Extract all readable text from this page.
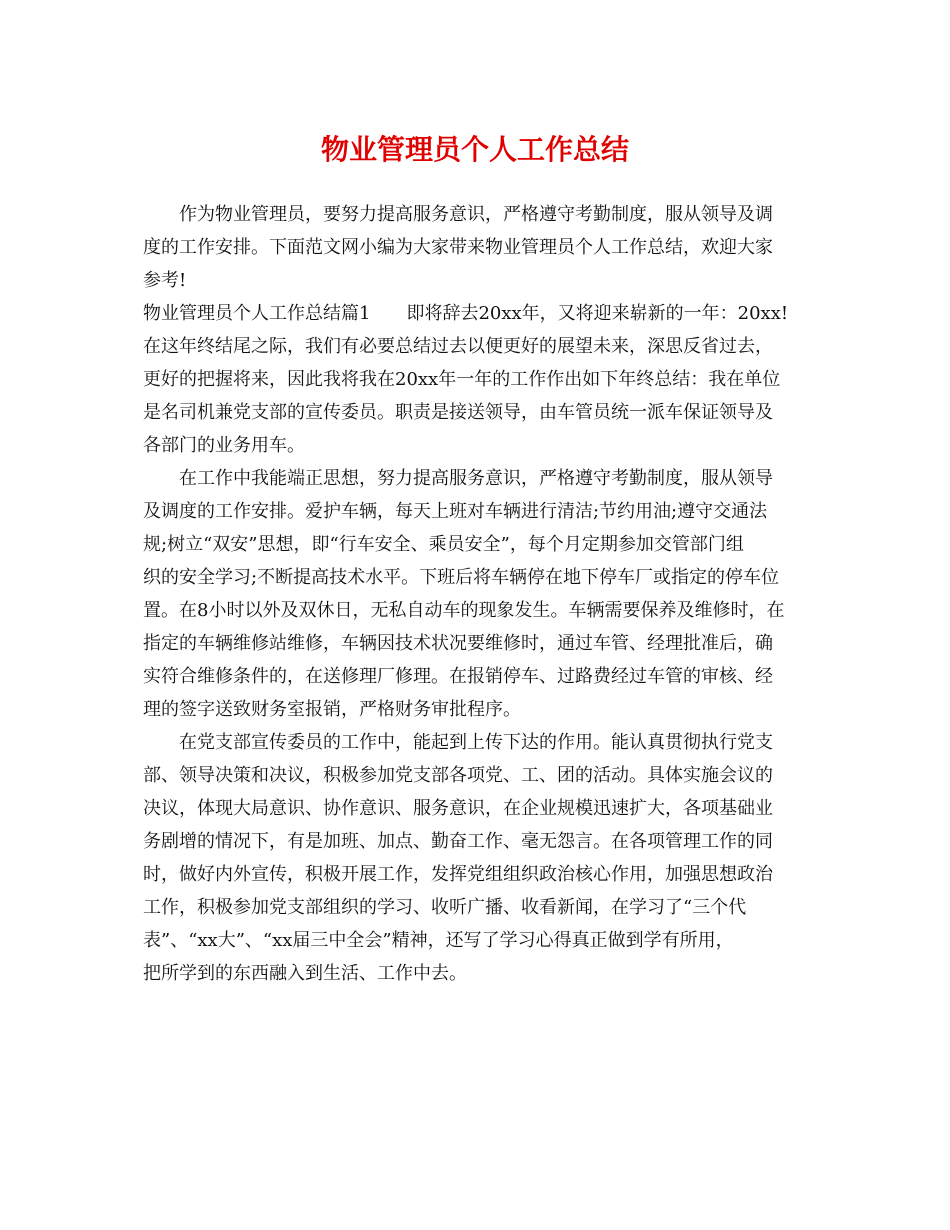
物业管理员个人工作总结
作为物业管理员，要努力提高服务意识，严格遵守考勤制度，服从领导及调
度的工作安排。下面范文网小编为大家带来物业管理员个人工作总结，欢迎大家
参考!
物业管理员个人工作总结篇1　　即将辞去20xx年，又将迎来崭新的一年：20xx!
在这年终结尾之际，我们有必要总结过去以便更好的展望未来，深思反省过去，
更好的把握将来，因此我将我在20xx年一年的工作作出如下年终总结：我在单位
是名司机兼党支部的宣传委员。职责是接送领导，由车管员统一派车保证领导及
各部门的业务用车。
在工作中我能端正思想，努力提高服务意识，严格遵守考勤制度，服从领导
及调度的工作安排。爱护车辆，每天上班对车辆进行清洁;节约用油;遵守交通法
规;树立“双安”思想，即“行车安全、乘员安全”，每个月定期参加交管部门组
织的安全学习;不断提高技术水平。下班后将车辆停在地下停车厂或指定的停车位
置。在8小时以外及双休日，无私自动车的现象发生。车辆需要保养及维修时，在
指定的车辆维修站维修，车辆因技术状况要维修时，通过车管、经理批准后，确
实符合维修条件的，在送修理厂修理。在报销停车、过路费经过车管的审核、经
理的签字送致财务室报销，严格财务审批程序。
在党支部宣传委员的工作中，能起到上传下达的作用。能认真贯彻执行党支
部、领导决策和决议，积极参加党支部各项党、工、团的活动。具体实施会议的
决议，体现大局意识、协作意识、服务意识，在企业规模迅速扩大，各项基础业
务剧增的情况下，有是加班、加点、勤奋工作、毫无怨言。在各项管理工作的同
时，做好内外宣传，积极开展工作，发挥党组组织政治核心作用，加强思想政治
工作，积极参加党支部组织的学习、收听广播、收看新闻，在学习了“三个代
表”、“xx大”、“xx届三中全会”精神，还写了学习心得真正做到学有所用，
把所学到的东西融入到生活、工作中去。
